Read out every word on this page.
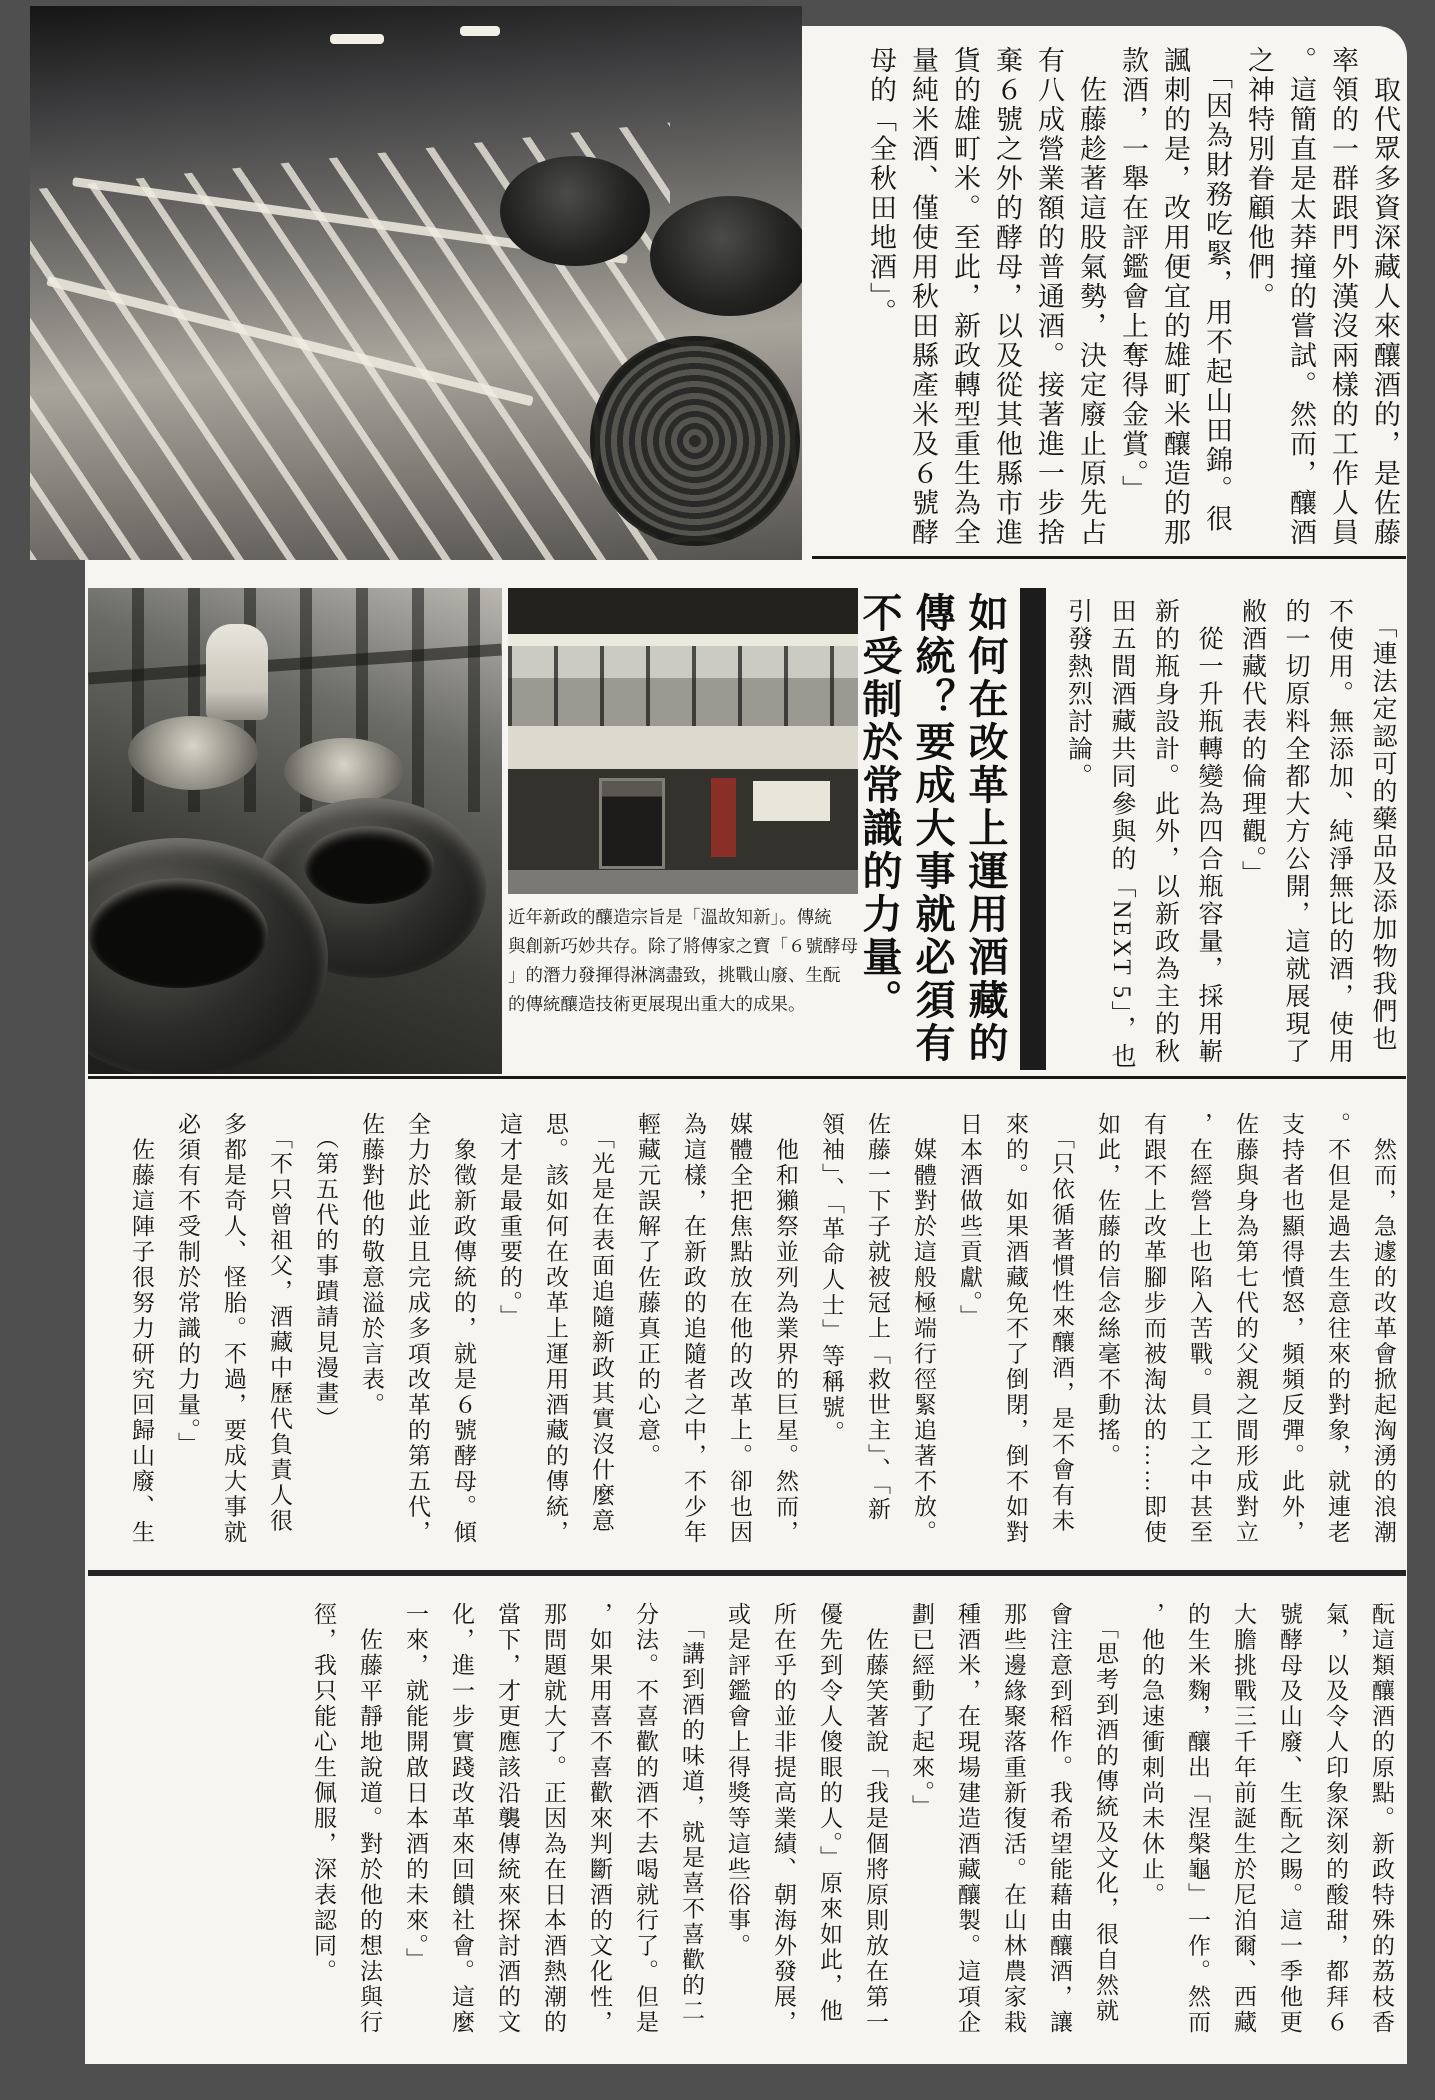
　取代眾多資深藏人來釀酒的，是佐藤
率領的一群跟門外漢沒兩樣的工作人員
。這簡直是太莽撞的嘗試。然而，釀酒
之神特別眷顧他們。
　「因為財務吃緊，用不起山田錦。很
諷刺的是，改用便宜的雄町米釀造的那
款酒，一舉在評鑑會上奪得金賞。」
　佐藤趁著這股氣勢，決定廢止原先占
有八成營業額的普通酒。接著進一步捨
棄６號之外的酵母，以及從其他縣市進
貨的雄町米。至此，新政轉型重生為全
量純米酒、僅使用秋田縣產米及６號酵
母的「全秋田地酒」。
　「連法定認可的藥品及添加物我們也
不使用。無添加、純淨無比的酒，使用
的一切原料全都大方公開，這就展現了
敝酒藏代表的倫理觀。」
　從一升瓶轉變為四合瓶容量，採用嶄
新的瓶身設計。此外，以新政為主的秋
田五間酒藏共同參與的「NEXT 5」，也
引發熱烈討論。
如何在改革上運用酒藏的
傳統？要成大事就必須有
不受制於常識的力量。
近年新政的釀造宗旨是「溫故知新」。傳統
與創新巧妙共存。除了將傳家之寶「６號酵母
」的潛力發揮得淋漓盡致，挑戰山廢、生酛
的傳統釀造技術更展現出重大的成果。
　然而，急遽的改革會掀起洶湧的浪潮
。不但是過去生意往來的對象，就連老
支持者也顯得憤怒，頻頻反彈。此外，
佐藤與身為第七代的父親之間形成對立
，在經營上也陷入苦戰。員工之中甚至
有跟不上改革腳步而被淘汰的……即使
如此，佐藤的信念絲毫不動搖。
　「只依循著慣性來釀酒，是不會有未
來的。如果酒藏免不了倒閉，倒不如對
日本酒做些貢獻。」
　媒體對於這般極端行徑緊追著不放。
佐藤一下子就被冠上「救世主」、「新
領袖」、「革命人士」等稱號。
　他和獺祭並列為業界的巨星。然而，
媒體全把焦點放在他的改革上。卻也因
為這樣，在新政的追隨者之中，不少年
輕藏元誤解了佐藤真正的心意。
　「光是在表面追隨新政其實沒什麼意
思。該如何在改革上運用酒藏的傳統，
這才是最重要的。」
　象徵新政傳統的，就是６號酵母。傾
全力於此並且完成多項改革的第五代，
佐藤對他的敬意溢於言表。
　（第五代的事蹟請見漫畫）
　「不只曾祖父，酒藏中歷代負責人很
多都是奇人、怪胎。不過，要成大事就
必須有不受制於常識的力量。」
　佐藤這陣子很努力研究回歸山廢、生
酛這類釀酒的原點。新政特殊的荔枝香
氣，以及令人印象深刻的酸甜，都拜６
號酵母及山廢、生酛之賜。這一季他更
大膽挑戰三千年前誕生於尼泊爾、西藏
的生米麴，釀出「涅槃龜」一作。然而
，他的急速衝刺尚未休止。
　「思考到酒的傳統及文化，很自然就
會注意到稻作。我希望能藉由釀酒，讓
那些邊緣聚落重新復活。在山林農家栽
種酒米，在現場建造酒藏釀製。這項企
劃已經動了起來。」
　佐藤笑著說「我是個將原則放在第一
優先到令人傻眼的人。」原來如此，他
所在乎的並非提高業績、朝海外發展，
或是評鑑會上得獎等這些俗事。
　「講到酒的味道，就是喜不喜歡的二
分法。不喜歡的酒不去喝就行了。但是
，如果用喜不喜歡來判斷酒的文化性，
那問題就大了。正因為在日本酒熱潮的
當下，才更應該沿襲傳統來探討酒的文
化，進一步實踐改革來回饋社會。這麼
一來，就能開啟日本酒的未來。」
　佐藤平靜地說道。對於他的想法與行
徑，我只能心生佩服，深表認同。
